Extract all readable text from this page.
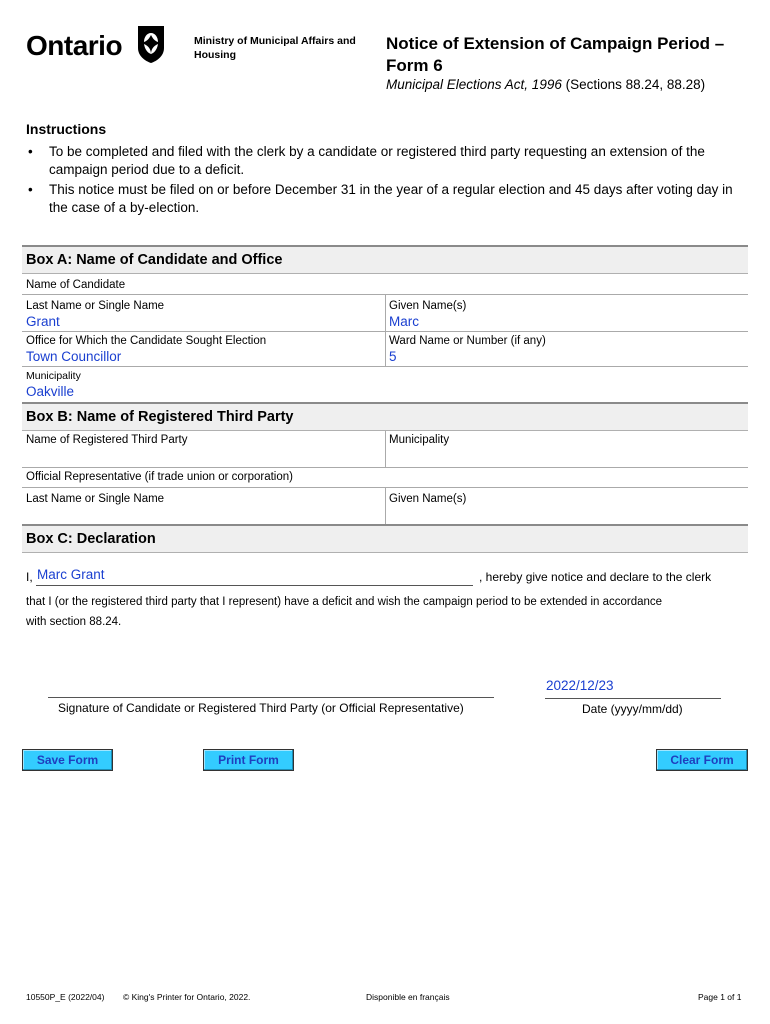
Ontario	Ministry of Municipal Affairs and Housing
Notice of Extension of Campaign Period –
Form 6
Municipal Elections Act, 1996 (Sections 88.24, 88.28)
Instructions
• To be completed and filed with the clerk by a candidate or registered third party requesting an extension of the campaign period due to a deficit.
• This notice must be filed on or before December 31 in the year of a regular election and 45 days after voting day in the case of a by-election.
Box A: Name of Candidate and Office
Name of Candidate
Last Name or Single Name
Grant
Given Name(s)
Marc
Office for Which the Candidate Sought Election
Town Councillor
Ward Name or Number (if any)
5
Municipality
Oakville
Box B: Name of Registered Third Party
Name of Registered Third Party	Municipality
Official Representative (if trade union or corporation)
Last Name or Single Name	Given Name(s)
Box C: Declaration
I, Marc Grant	, hereby give notice and declare to the clerk
that I (or the registered third party that I represent) have a deficit and wish the campaign period to be extended in accordance
with section 88.24.
Signature of Candidate or Registered Third Party (or Official Representative)
2022/12/23
Date (yyyy/mm/dd)
Save Form	Print Form	Clear Form
10550P_E (2022/04) © King's Printer for Ontario, 2022.	Disponible en français	Page 1 of 1
